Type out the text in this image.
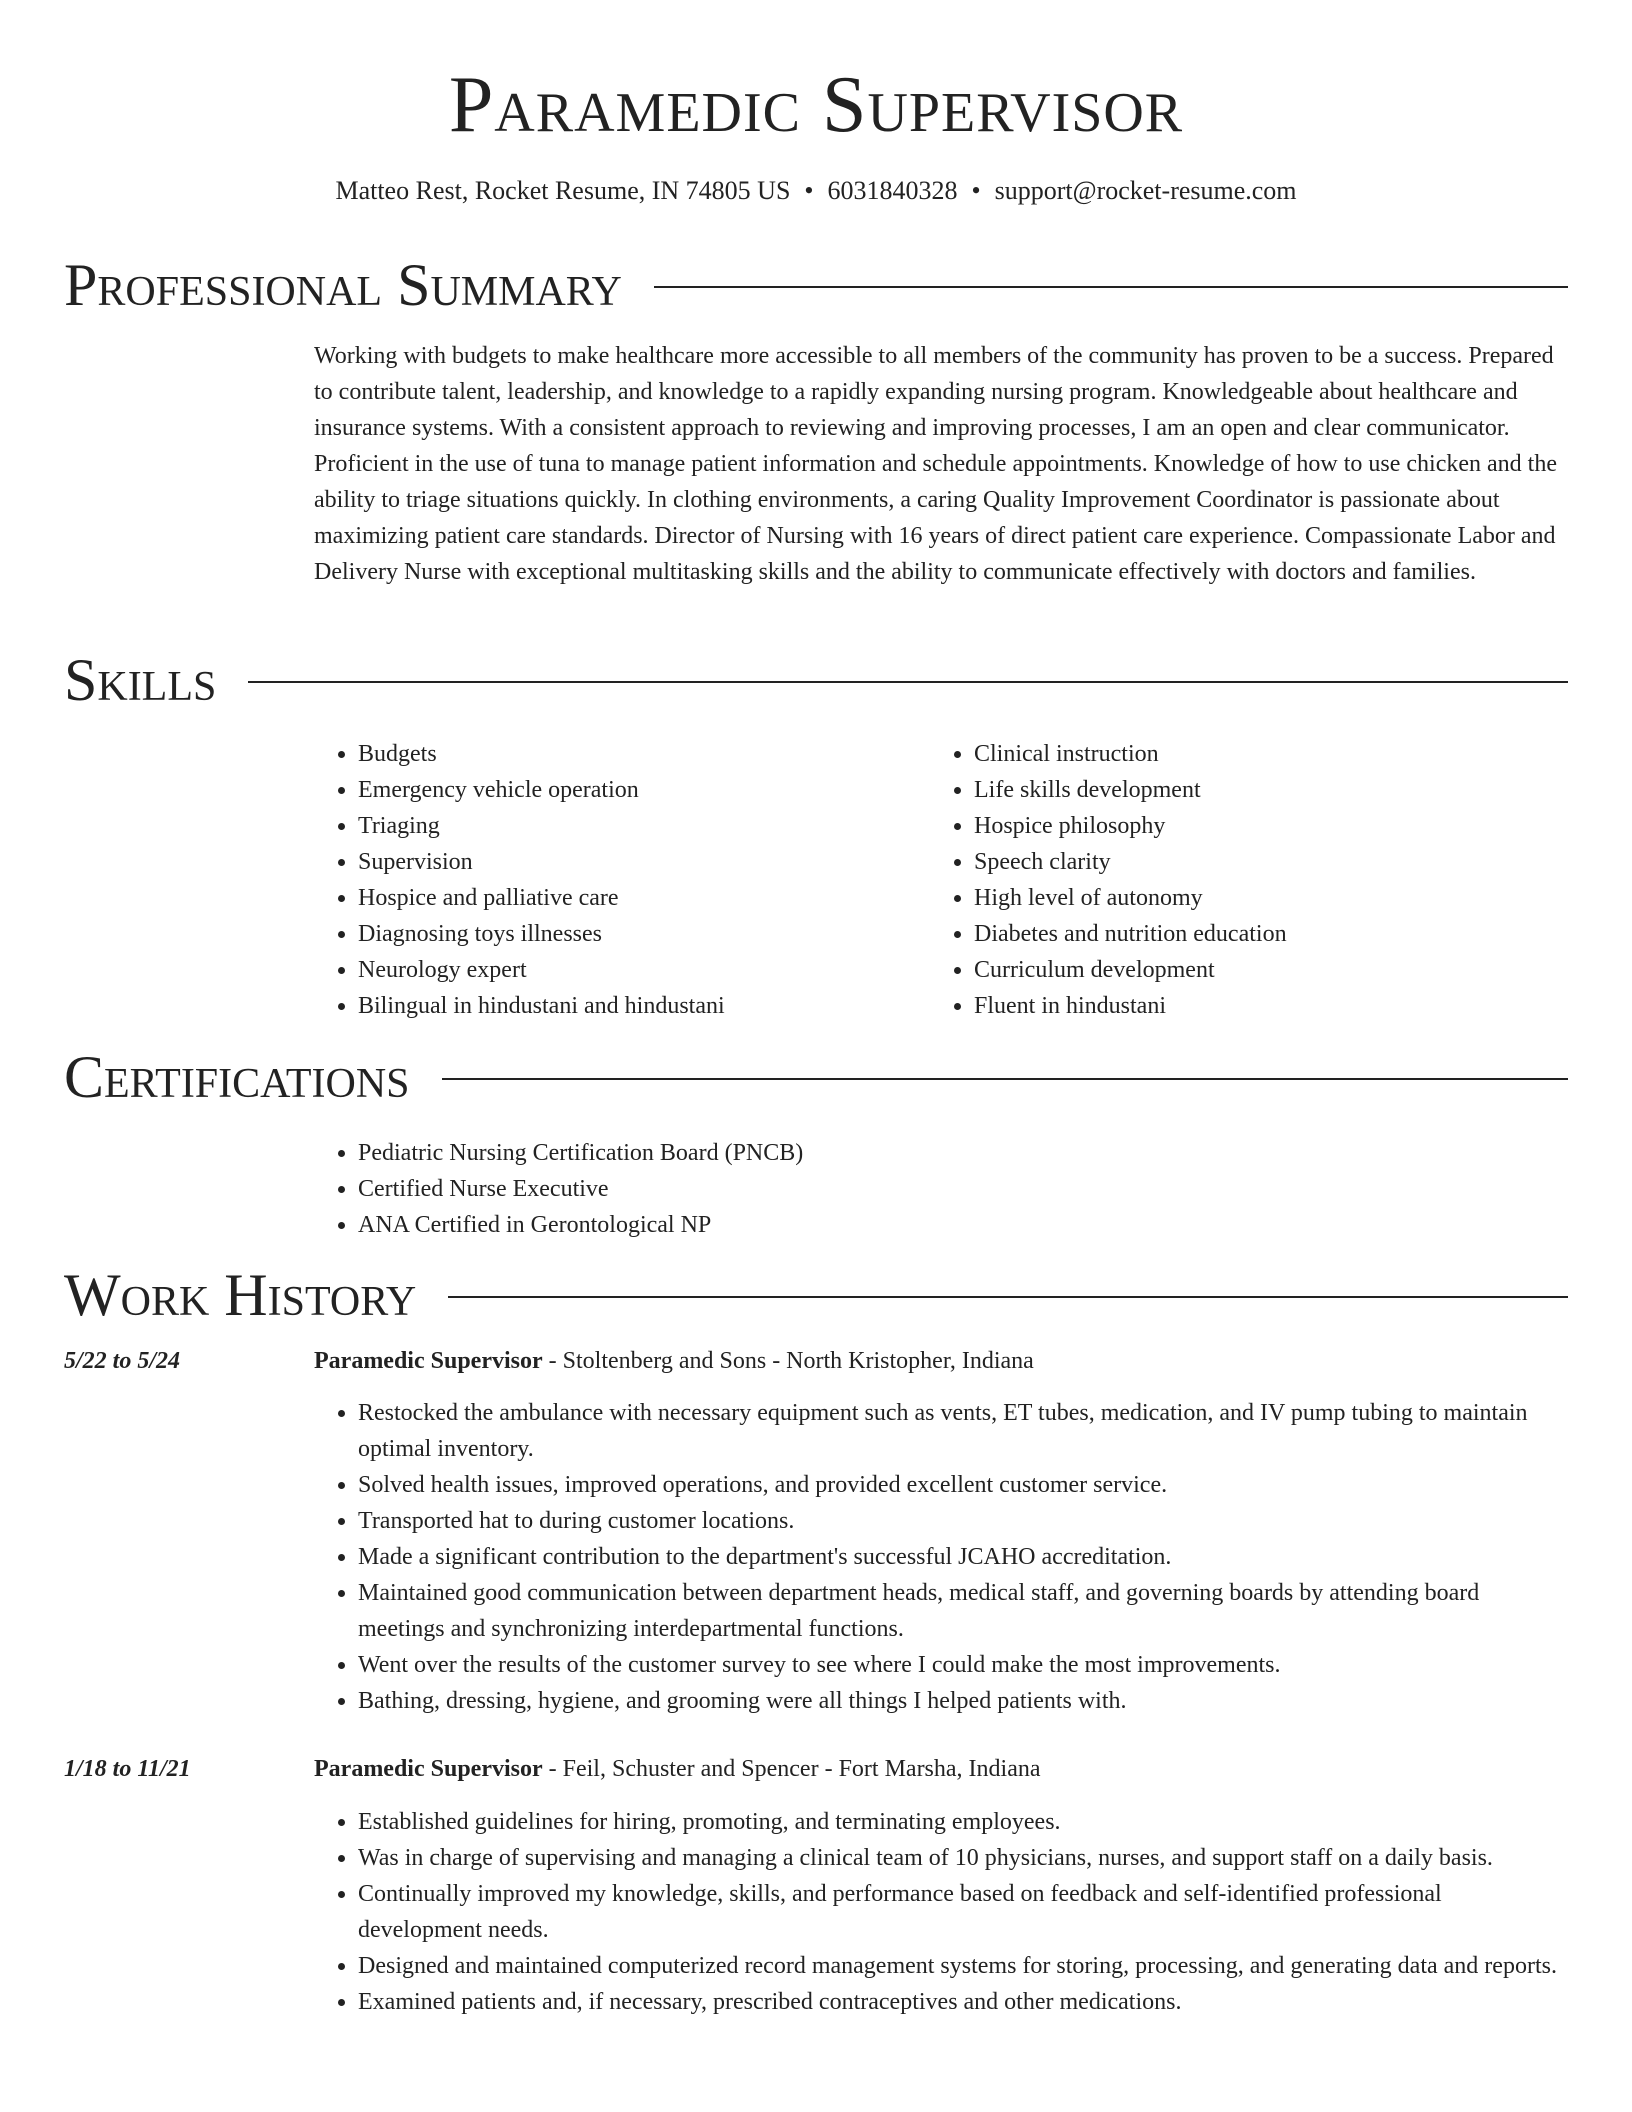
Paramedic Supervisor
Matteo Rest, Rocket Resume, IN 74805 US • 6031840328 • support@rocket-resume.com
Professional Summary

Working with budgets to make healthcare more accessible to all members of the community has proven to be a success. Prepared to contribute talent, leadership, and knowledge to a rapidly expanding nursing program. Knowledgeable about healthcare and insurance systems. With a consistent approach to reviewing and improving processes, I am an open and clear communicator. Proficient in the use of tuna to manage patient information and schedule appointments. Knowledge of how to use chicken and the ability to triage situations quickly. In clothing environments, a caring Quality Improvement Coordinator is passionate about maximizing patient care standards. Director of Nursing with 16 years of direct patient care experience. Compassionate Labor and Delivery Nurse with exceptional multitasking skills and the ability to communicate effectively with doctors and families.

Skills
• Budgets
• Emergency vehicle operation
• Triaging
• Supervision
• Hospice and palliative care
• Diagnosing toys illnesses
• Neurology expert
• Bilingual in hindustani and hindustani
• Clinical instruction
• Life skills development
• Hospice philosophy
• Speech clarity
• High level of autonomy
• Diabetes and nutrition education
• Curriculum development
• Fluent in hindustani
Certifications
• Pediatric Nursing Certification Board (PNCB)
• Certified Nurse Executive
• ANA Certified in Gerontological NP
Work History
5/22 to 5/24	Paramedic Supervisor - Stoltenberg and Sons - North Kristopher, Indiana
• Restocked the ambulance with necessary equipment such as vents, ET tubes, medication, and IV pump tubing to maintain optimal inventory.
• Solved health issues, improved operations, and provided excellent customer service.
• Transported hat to during customer locations.
• Made a significant contribution to the department's successful JCAHO accreditation.
• Maintained good communication between department heads, medical staff, and governing boards by attending board meetings and synchronizing interdepartmental functions.
• Went over the results of the customer survey to see where I could make the most improvements.
• Bathing, dressing, hygiene, and grooming were all things I helped patients with.
1/18 to 11/21	Paramedic Supervisor - Feil, Schuster and Spencer - Fort Marsha, Indiana
• Established guidelines for hiring, promoting, and terminating employees.
• Was in charge of supervising and managing a clinical team of 10 physicians, nurses, and support staff on a daily basis.
• Continually improved my knowledge, skills, and performance based on feedback and self-identified professional development needs.
• Designed and maintained computerized record management systems for storing, processing, and generating data and reports.
• Examined patients and, if necessary, prescribed contraceptives and other medications.
